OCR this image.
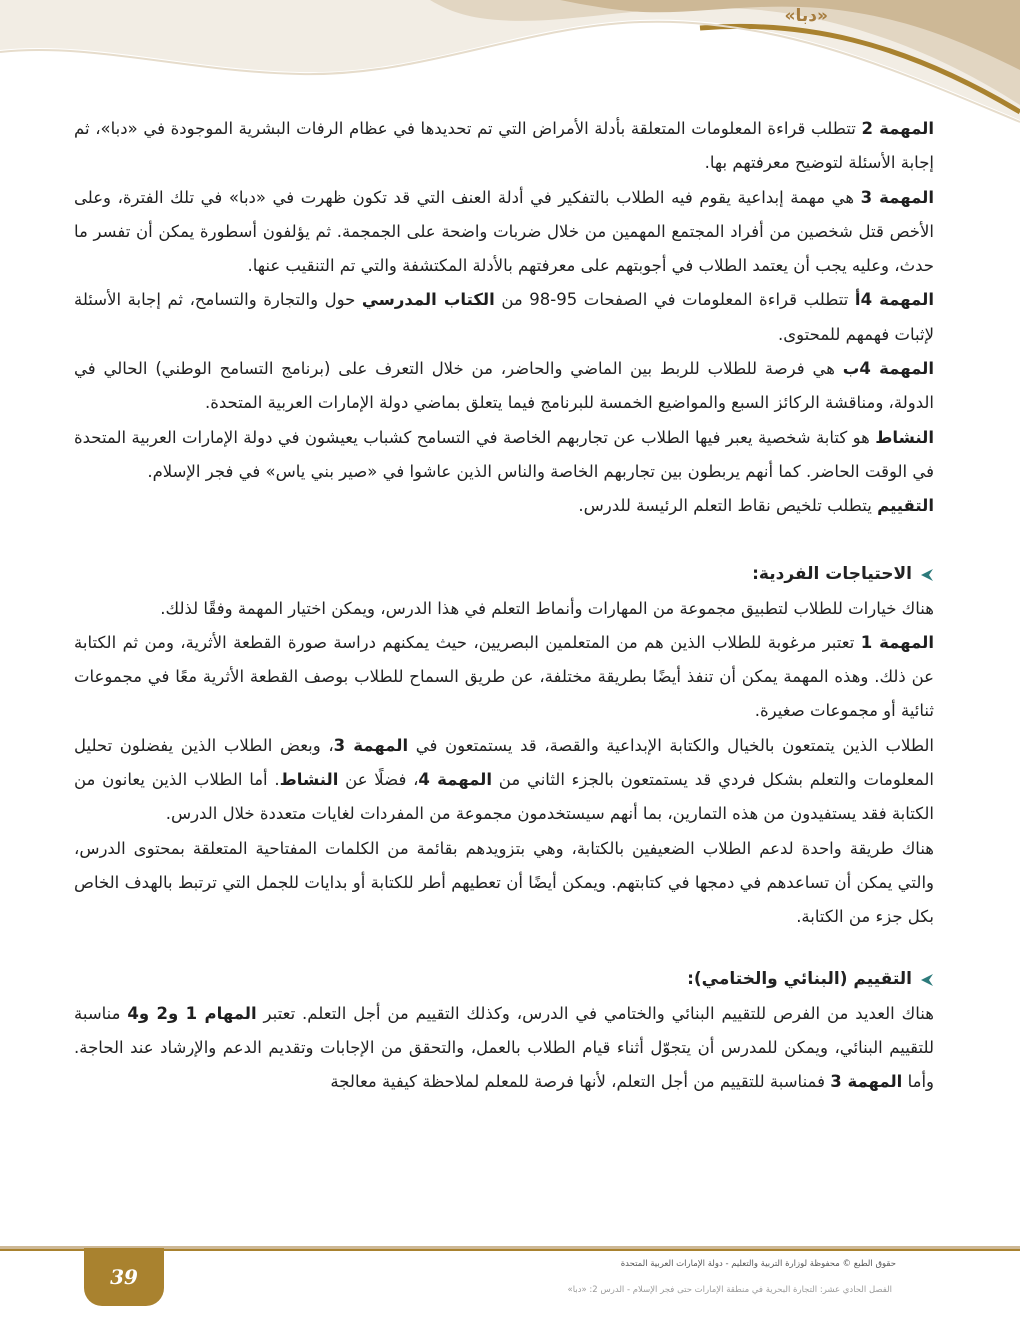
«دبا»

المهمة 2 تتطلب قراءة المعلومات المتعلقة بأدلة الأمراض التي تم تحديدها في عظام الرفات البشرية الموجودة في «دبا»، ثم إجابة الأسئلة لتوضيح معرفتهم بها.

المهمة 3 هي مهمة إبداعية يقوم فيه الطلاب بالتفكير في أدلة العنف التي قد تكون ظهرت في «دبا» في تلك الفترة، وعلى الأخص قتل شخصين من أفراد المجتمع المهمين من خلال ضربات واضحة على الجمجمة. ثم يؤلفون أسطورة يمكن أن تفسر ما حدث، وعليه يجب أن يعتمد الطلاب في أجوبتهم على معرفتهم بالأدلة المكتشفة والتي تم التنقيب عنها.

المهمة 4أ تتطلب قراءة المعلومات في الصفحات 95-98 من الكتاب المدرسي حول والتجارة والتسامح، ثم إجابة الأسئلة لإثبات فهمهم للمحتوى.

المهمة 4ب هي فرصة للطلاب للربط بين الماضي والحاضر، من خلال التعرف على (برنامج التسامح الوطني) الحالي في الدولة، ومناقشة الركائز السبع والمواضيع الخمسة للبرنامج فيما يتعلق بماضي دولة الإمارات العربية المتحدة.

النشاط هو كتابة شخصية يعبر فيها الطلاب عن تجاربهم الخاصة في التسامح كشباب يعيشون في دولة الإمارات العربية المتحدة في الوقت الحاضر. كما أنهم يربطون بين تجاربهم الخاصة والناس الذين عاشوا في «صير بني ياس» في فجر الإسلام.

التقييم يتطلب تلخيص نقاط التعلم الرئيسة للدرس.

الاحتياجات الفردية:

هناك خيارات للطلاب لتطبيق مجموعة من المهارات وأنماط التعلم في هذا الدرس، ويمكن اختيار المهمة وفقًا لذلك.

المهمة 1 تعتبر مرغوبة للطلاب الذين هم من المتعلمين البصريين، حيث يمكنهم دراسة صورة القطعة الأثرية، ومن ثم الكتابة عن ذلك. وهذه المهمة يمكن أن تنفذ أيضًا بطريقة مختلفة، عن طريق السماح للطلاب بوصف القطعة الأثرية معًا في مجموعات ثنائية أو مجموعات صغيرة.

الطلاب الذين يتمتعون بالخيال والكتابة الإبداعية والقصة، قد يستمتعون في المهمة 3، وبعض الطلاب الذين يفضلون تحليل المعلومات والتعلم بشكل فردي قد يستمتعون بالجزء الثاني من المهمة 4، فضلًا عن النشاط. أما الطلاب الذين يعانون من الكتابة فقد يستفيدون من هذه التمارين، بما أنهم سيستخدمون مجموعة من المفردات لغايات متعددة خلال الدرس.

هناك طريقة واحدة لدعم الطلاب الضعيفين بالكتابة، وهي بتزويدهم بقائمة من الكلمات المفتاحية المتعلقة بمحتوى الدرس، والتي يمكن أن تساعدهم في دمجها في كتابتهم. ويمكن أيضًا أن تعطيهم أطر للكتابة أو بدايات للجمل التي ترتبط بالهدف الخاص بكل جزء من الكتابة.

التقييم (البنائي والختامي):

هناك العديد من الفرص للتقييم البنائي والختامي في الدرس، وكذلك التقييم من أجل التعلم. تعتبر المهام 1 و2 و4 مناسبة للتقييم البنائي، ويمكن للمدرس أن يتجوّل أثناء قيام الطلاب بالعمل، والتحقق من الإجابات وتقديم الدعم والإرشاد عند الحاجة. وأما المهمة 3 فمناسبة للتقييم من أجل التعلم، لأنها فرصة للمعلم لملاحظة كيفية معالجة

حقوق الطبع © محفوظة لوزارة التربية والتعليم - دولة الإمارات العربية المتحدة
الفصل الحادي عشر: التجارة البحرية في منطقة الإمارات حتى فجر الإسلام - الدرس 2: «دبا»
39
